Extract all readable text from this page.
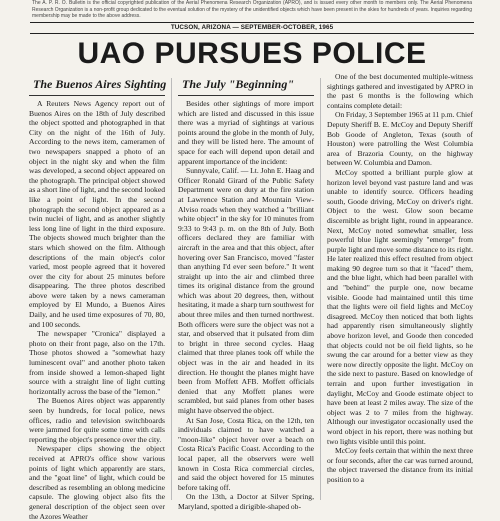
The A. P. R. O. Bulletin is the official copyrighted publication of the Aerial Phenomena Research Organization (APRO), and is issued every other month to members only. The Aerial Phenomena Research Organization is a non-profit group dedicated to the eventual solution of the mystery of the unidentified objects which have been present in the skies for hundreds of years. Inquiries regarding membership may be made to the above address.
TUCSON, ARIZONA — SEPTEMBER-OCTOBER, 1965
UAO PURSUES POLICE
The Buenos Aires Sighting

A Reuters News Agency report out of Buenos Aires on the 18th of July described the object spotted and photographed in that City on the night of the 16th of July. According to the news item, cameramen of two newspapers snapped a photo of an object in the night sky and when the film was developed, a second object appeared on the photograph. The principal object showed as a short line of light, and the second looked like a point of light. In the second photograph the second object appeared as a twin nuclei of light, and as another slightly less long line of light in the third exposure. The objects showed much brighter than the stars which showed on the film. Although descriptions of the main object's color varied, most people agreed that it hovered over the city for about 25 minutes before disappearing. The three photos described above were taken by a news cameraman employed by El Mundo, a Buenos Aires Daily, and he used time exposures of 70, 80, and 100 seconds.

The newspaper "Cronica" displayed a photo on their front page, also on the 17th. Those photos showed a "somewhat hazy luminescent oval" and another photo taken from inside showed a lemon-shaped light source with a straight line of light cutting horizontally across the base of the "lemon."

The Buenos Aires object was apparently seen by hundreds, for local police, news offices, radio and television switchboards were jammed for quite some time with calls reporting the object's presence over the city.

Newspaper clips showing the object received at APRO's office show various points of light which apparently are stars, and the "goat line" of light, which could be described as resembling an oblong medicine capsule. The glowing object also fits the general description of the object seen over the Azores Weather

The July "Beginning"

Besides other sightings of more import which are listed and discussed in this issue there was a myriad of sightings at various points around the globe in the month of July, and they will be listed here. The amount of space for each will depend upon detail and apparent importance of the incident:

Sunnyvale, Calif. — Lt. John E. Haag and Officer Ronald Girard of the Public Safety Department were on duty at the fire station at Lawrence Station and Mountain View-Alviso roads when they watched a "brilliant white object" in the sky for 10 minutes from 9:33 to 9:43 p. m. on the 8th of July. Both officers declared they are familiar with aircraft in the area and that this object, after hovering over San Francisco, moved "faster than anything I'd ever seen before." It went straight up into the air and climbed three times its original distance from the ground which was about 20 degrees, then, without hesitating, it made a sharp turn southwest for about three miles and then turned northwest. Both officers were sure the object was not a star, and observed that it pulsated from dim to bright in three second cycles. Haag claimed that three planes took off while the object was in the air and headed in its direction. He thought the planes might have been from Moffett AFB. Moffett officials denied that any Moffett planes were scrambled, but said planes from other bases might have observed the object.

At San Jose, Costa Rica, on the 12th, ten individuals claimed to have watched a "moon-like" object hover over a beach on Costa Rica's Pacific Coast. According to the local paper, all the observers were well known in Costa Rica commercial circles, and said the object hovered for 15 minutes before taking off.

On the 13th, a Doctor at Silver Spring, Maryland, spotted a dirigible-shaped ob-

One of the best documented multiple-witness sightings gathered and investigated by APRO in the past 6 months is the following which contains complete detail:

On Friday, 3 September 1965 at 11 p.m. Chief Deputy Sheriff B. E. McCoy and Deputy Sheriff Bob Goode of Angleton, Texas (south of Houston) were patrolling the West Columbia area of Brazoria County, on the highway between W. Columbia and Damon.

McCoy spotted a brilliant purple glow at horizon level beyond vast pasture land and was unable to identify source. Officers heading south, Goode driving, McCoy on driver's right. Object to the west. Glow soon became discernible as bright light, round in appearance. Next, McCoy noted somewhat smaller, less powerful blue light seemingly "emerge" from purple light and move some distance to its right. He later realized this effect resulted from object making 90 degree turn so that it "faced" them, and the blue light, which had been parallel with and "behind" the purple one, now became visible. Goode had maintained until this time that the lights were oil field lights and McCoy disagreed. McCoy then noticed that both lights had apparently risen simultaneously slightly above horizon level, and Goode then conceded that objects could not be oil field lights, so he swung the car around for a better view as they were now directly opposite the light. McCoy on the side next to pasture. Based on knowledge of terrain and upon further investigation in daylight, McCoy and Goode estimate object to have been at least 2 miles away. The size of the object was 2 to 7 miles from the highway. Although our investigator occasionally used the word object in his report, there was nothing but two lights visible until this point.

McCoy feels certain that within the next three or four seconds, after the car was turned around, the object traversed the distance from its initial position to a
